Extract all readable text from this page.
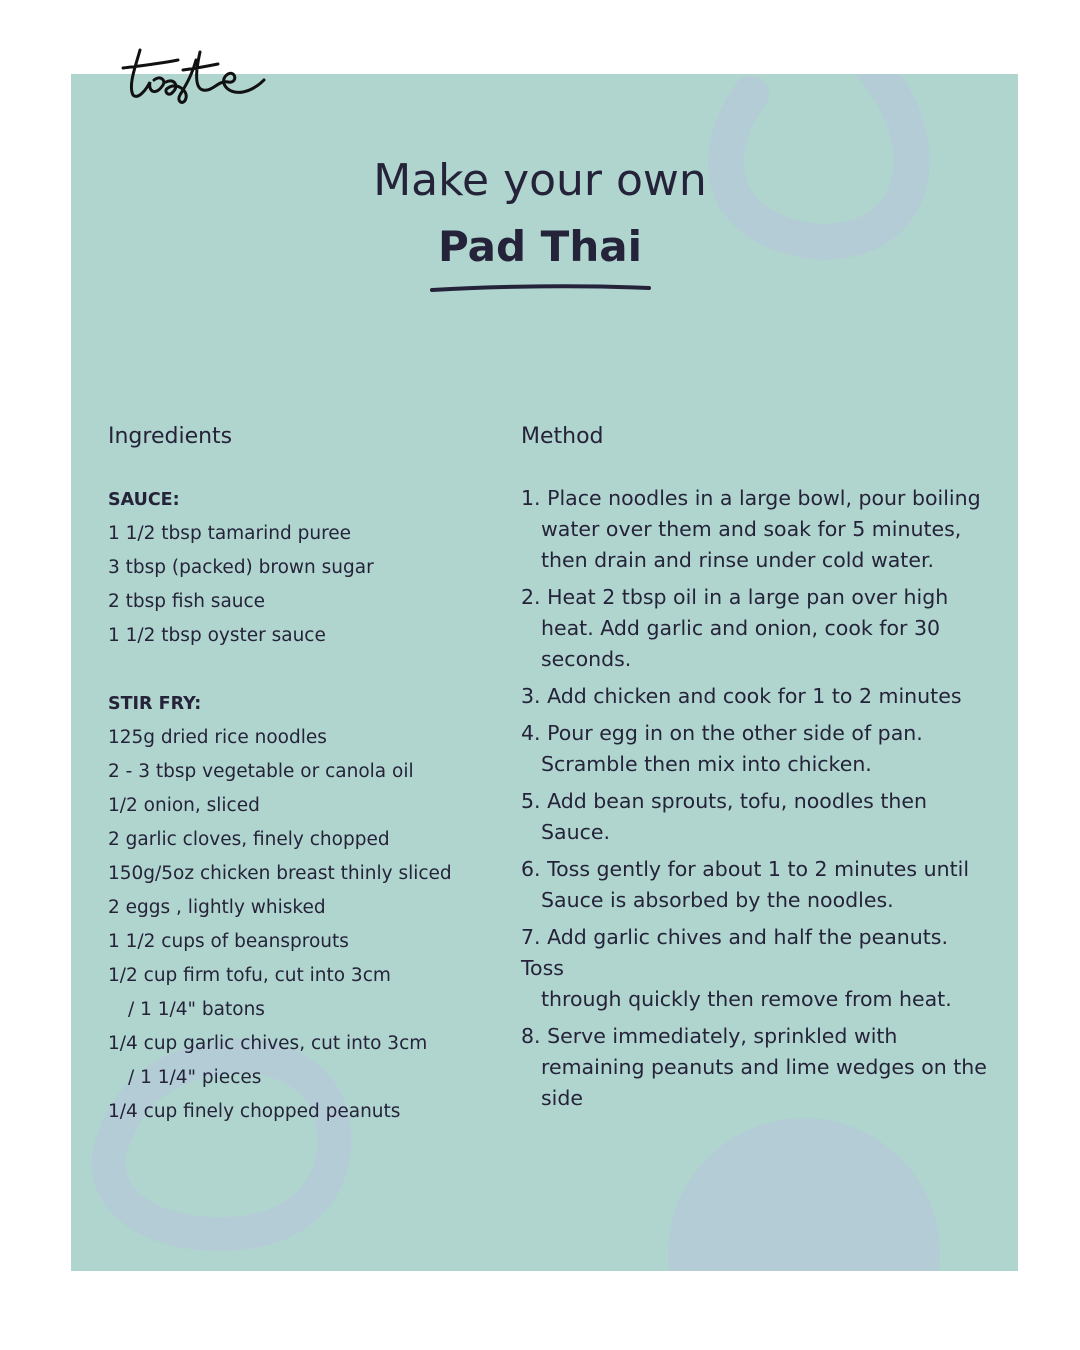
Make your own
Pad Thai
Ingredients	Method
SAUCE:
1 1/2 tbsp tamarind puree
3 tbsp (packed) brown sugar
2 tbsp fish sauce
1 1/2 tbsp oyster sauce
STIR FRY:
125g dried rice noodles
2 - 3 tbsp vegetable or canola oil
1/2 onion, sliced
2 garlic cloves, finely chopped
150g/5oz chicken breast thinly sliced
2 eggs , lightly whisked
1 1/2 cups of beansprouts
1/2 cup firm tofu, cut into 3cm
/ 1 1/4" batons
1/4 cup garlic chives, cut into 3cm
/ 1 1/4" pieces
1/4 cup finely chopped peanuts
1. Place noodles in a large bowl, pour boiling
water over them and soak for 5 minutes, then drain and rinse under cold water.
2. Heat 2 tbsp oil in a large pan over high
heat. Add garlic and onion, cook for 30 seconds.
3. Add chicken and cook for 1 to 2 minutes
4. Pour egg in on the other side of pan.
Scramble then mix into chicken.
5. Add bean sprouts, tofu, noodles then
Sauce.
6. Toss gently for about 1 to 2 minutes until
Sauce is absorbed by the noodles.
7. Add garlic chives and half the peanuts. Toss
through quickly then remove from heat.
8. Serve immediately, sprinkled with
remaining peanuts and lime wedges on the side
